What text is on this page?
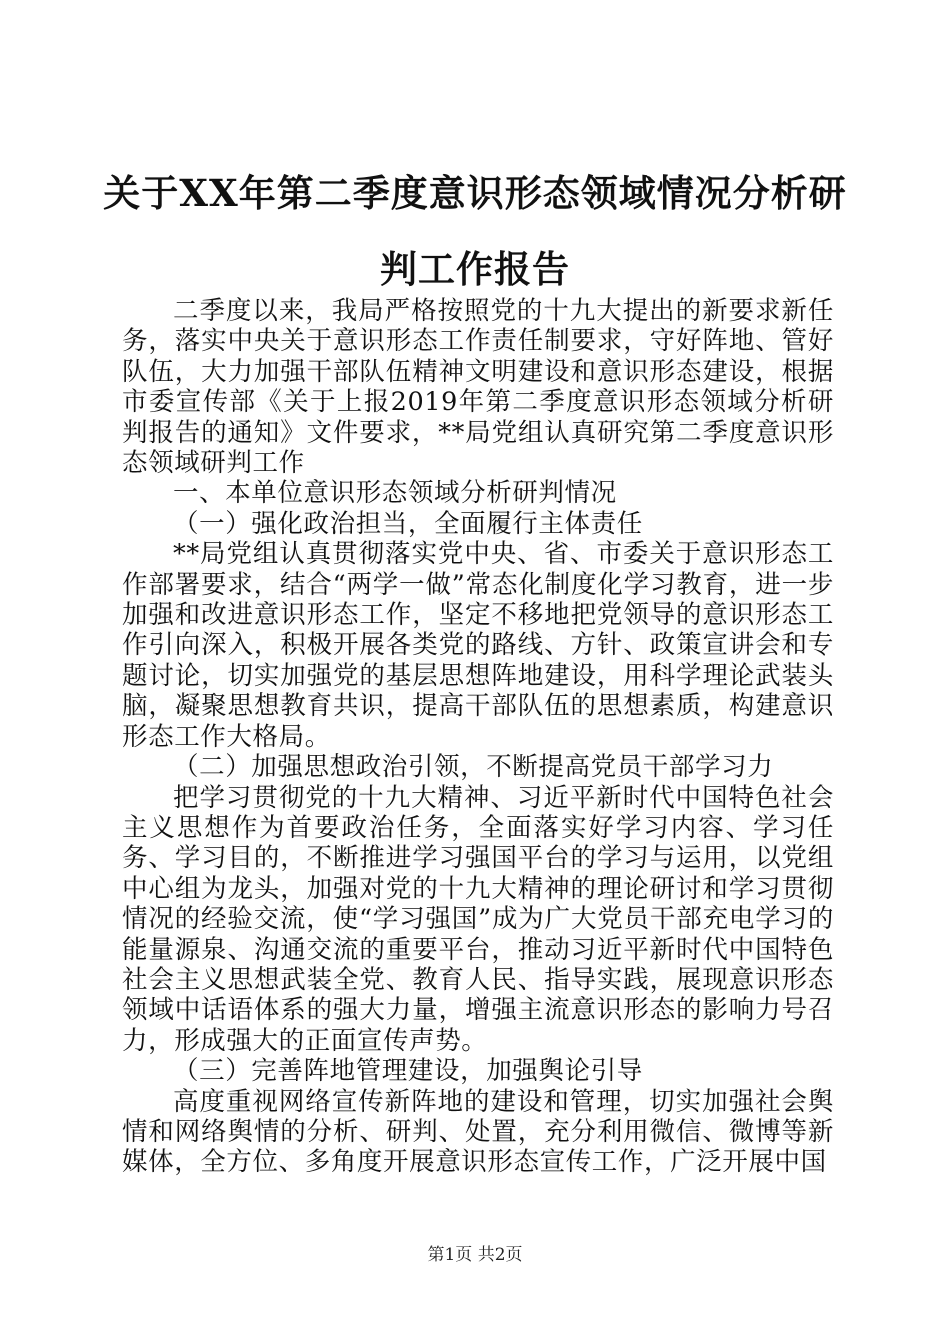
关于XX年第二季度意识形态领域情况分析研判工作报告

二季度以来，我局严格按照党的十九大提出的新要求新任务，落实中央关于意识形态工作责任制要求，守好阵地、管好队伍，大力加强干部队伍精神文明建设和意识形态建设，根据市委宣传部《关于上报2019年第二季度意识形态领域分析研判报告的通知》文件要求，**局党组认真研究第二季度意识形态领域研判工作

一、本单位意识形态领域分析研判情况

（一）强化政治担当，全面履行主体责任

**局党组认真贯彻落实党中央、省、市委关于意识形态工作部署要求，结合“两学一做”常态化制度化学习教育，进一步加强和改进意识形态工作，坚定不移地把党领导的意识形态工作引向深入，积极开展各类党的路线、方针、政策宣讲会和专题讨论，切实加强党的基层思想阵地建设，用科学理论武装头脑，凝聚思想教育共识，提高干部队伍的思想素质，构建意识形态工作大格局。

（二）加强思想政治引领，不断提高党员干部学习力

把学习贯彻党的十九大精神、习近平新时代中国特色社会主义思想作为首要政治任务，全面落实好学习内容、学习任务、学习目的，不断推进学习强国平台的学习与运用，以党组中心组为龙头，加强对党的十九大精神的理论研讨和学习贯彻情况的经验交流，使“学习强国”成为广大党员干部充电学习的能量源泉、沟通交流的重要平台，推动习近平新时代中国特色社会主义思想武装全党、教育人民、指导实践，展现意识形态领域中话语体系的强大力量，增强主流意识形态的影响力号召力，形成强大的正面宣传声势。

（三）完善阵地管理建设，加强舆论引导

高度重视网络宣传新阵地的建设和管理，切实加强社会舆情和网络舆情的分析、研判、处置，充分利用微信、微博等新媒体，全方位、多角度开展意识形态宣传工作，广泛开展中国

第1页 共2页
